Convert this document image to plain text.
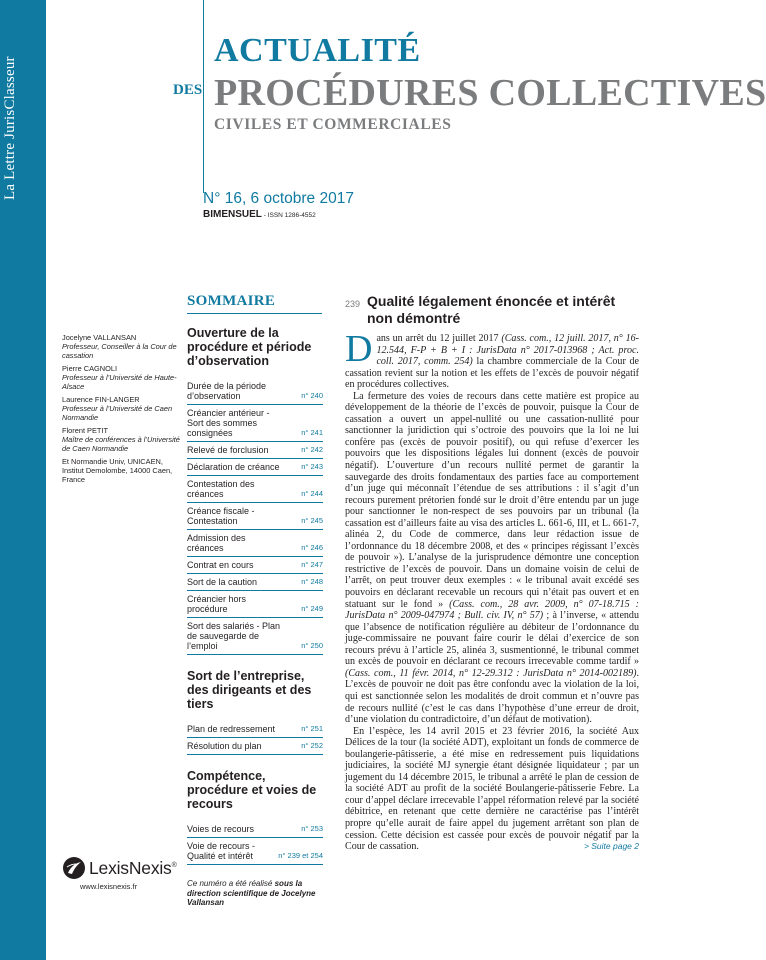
La Lettre JurisClasseur
ACTUALITÉ
DES PROCÉDURES COLLECTIVES
CIVILES ET COMMERCIALES
N° 16, 6 octobre 2017
BIMENSUEL - ISSN 1286-4552
SOMMAIRE
Jocelyne VALLANSAN
Professeur, Conseiller à la Cour de cassation
Pierre CAGNOLI
Professeur à l’Université de Haute-Alsace
Laurence FIN-LANGER
Professeur à l’Université de Caen Normandie
Florent PETIT
Maître de conférences à l’Université de Caen Normandie
Et Normandie Univ, UNICAEN, Institut Demolombe, 14000 Caen, France
Ouverture de la procédure et période d’observation
Durée de la période d’observation	n° 240
Créancier antérieur - Sort des sommes consignées	n° 241
Relevé de forclusion	n° 242
Déclaration de créance	n° 243
Contestation des créances	n° 244
Créance fiscale - Contestation	n° 245
Admission des créances	n° 246
Contrat en cours	n° 247
Sort de la caution	n° 248
Créancier hors procédure	n° 249
Sort des salariés - Plan de sauvegarde de l’emploi	n° 250
Sort de l’entreprise, des dirigeants et des tiers
Plan de redressement	n° 251
Résolution du plan	n° 252
Compétence, procédure et voies de recours
Voies de recours	n° 253
Voie de recours - Qualité et intérêt	n° 239 et 254
Ce numéro a été réalisé sous la direction scientifique de Jocelyne Vallansan
239 Qualité légalement énoncée et intérêt non démontré

Dans un arrêt du 12 juillet 2017 (Cass. com., 12 juill. 2017, n° 16-12.544, F-P + B + I : JurisData n° 2017-013968 ; Act. proc. coll. 2017, comm. 254) la chambre commerciale de la Cour de cassation revient sur la notion et les effets de l’excès de pouvoir négatif en procédures collectives.

La fermeture des voies de recours dans cette matière est propice au développement de la théorie de l’excès de pouvoir, puisque la Cour de cassation a ouvert un appel-nullité ou une cassation-nullité pour sanctionner la juridiction qui s’octroie des pouvoirs que la loi ne lui confère pas (excès de pouvoir positif), ou qui refuse d’exercer les pouvoirs que les dispositions légales lui donnent (excès de pouvoir négatif). L’ouverture d’un recours nullité permet de garantir la sauvegarde des droits fondamentaux des parties face au comportement d’un juge qui méconnaît l’étendue de ses attributions : il s’agit d’un recours purement prétorien fondé sur le droit d’être entendu par un juge pour sanctionner le non-respect de ses pouvoirs par un tribunal (la cassation est d’ailleurs faite au visa des articles L. 661-6, III, et L. 661-7, alinéa 2, du Code de commerce, dans leur rédaction issue de l’ordonnance du 18 décembre 2008, et des « principes régissant l’excès de pouvoir »). L’analyse de la jurisprudence démontre une conception restrictive de l’excès de pouvoir. Dans un domaine voisin de celui de l’arrêt, on peut trouver deux exemples : « le tribunal avait excédé ses pouvoirs en déclarant recevable un recours qui n’était pas ouvert et en statuant sur le fond » (Cass. com., 28 avr. 2009, n° 07-18.715 : JurisData n° 2009-047974 ; Bull. civ. IV, n° 57) ; à l’inverse, « attendu que l’absence de notification régulière au débiteur de l’ordonnance du juge-commissaire ne pouvant faire courir le délai d’exercice de son recours prévu à l’article 25, alinéa 3, susmentionné, le tribunal commet un excès de pouvoir en déclarant ce recours irrecevable comme tardif » (Cass. com., 11 févr. 2014, n° 12-29.312 : JurisData n° 2014-002189). L’excès de pouvoir ne doit pas être confondu avec la violation de la loi, qui est sanctionnée selon les modalités de droit commun et n’ouvre pas de recours nullité (c’est le cas dans l’hypothèse d’une erreur de droit, d’une violation du contradictoire, d’un défaut de motivation).

En l’espèce, les 14 avril 2015 et 23 février 2016, la société Aux Délices de la tour (la société ADT), exploitant un fonds de commerce de boulangerie-pâtisserie, a été mise en redressement puis liquidations judiciaires, la société MJ synergie étant désignée liquidateur ; par un jugement du 14 décembre 2015, le tribunal a arrêté le plan de cession de la société ADT au profit de la société Boulangerie-pâtisserie Febre. La cour d’appel déclare irrecevable l’appel réformation relevé par la société débitrice, en retenant que cette dernière ne caractérise pas l’intérêt propre qu’elle aurait de faire appel du jugement arrêtant son plan de cession. Cette décision est cassée pour excès de pouvoir négatif par la Cour de cassation.	> Suite page 2

LexisNexis®
www.lexisnexis.fr
